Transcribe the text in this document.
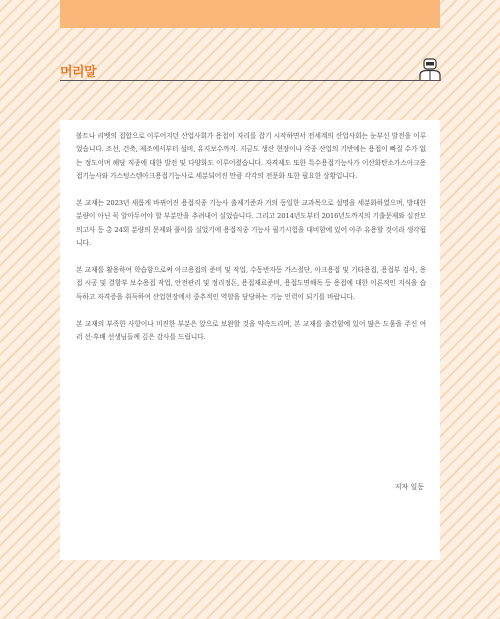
머리말

볼트나 리벳의 접합으로 이루어지던 산업사회가 용접이 자리를 잡기 시작하면서 전세계의 산업사회는 눈부신 발전을 이루었습니다. 조선, 건축, 제조에서부터 설비, 유지보수까지. 지금도 생산 현장이나 각종 산업의 기반에는 용접이 빠질 수가 없는 정도이며 해당 직종에 대한 발전 및 다양화도 이루어졌습니다. 자격제도 또한 특수용접기능사가 이산화탄소가스아크용접기능사와 가스텅스텐아크용접기능사로 세분되어진 만큼 각각의 전문화 또한 필요한 상황입니다.

본 교재는 2023년 새롭게 바뀌어진 용접직종 기능사 출제기준과 거의 동일한 교과목으로 설명을 세분화하였으며, 방대한 분량이 아닌 꼭 알아두어야 할 부분만을 추려내어 실었습니다. 그리고 2014년도부터 2016년도까지의 기출문제와 실전모의고사 등 총 24회 분량의 문제와 풀이를 실었기에 용접직종 기능사 필기시험을 대비함에 있어 아주 유용할 것이라 생각됩니다.

본 교재를 활용하여 학습함으로써 아크용접의 준비 및 작업, 수동반자동 가스절단, 아크용접 및 기타용접, 용접부 검사, 용접 시공 및 결함부 보수용접 작업, 안전관리 및 정리정돈, 용접재료준비, 용접도면해독 등 용접에 대한 이론적인 지식을 습득하고 자격증을 취득하여 산업현장에서 중추적인 역할을 담당하는 기능 인력이 되기를 바랍니다.

본 교재의 부족한 사항이나 미진한 부분은 앞으로 보완할 것을 약속드리며, 본 교재를 출간함에 있어 많은 도움을 주신 여러 선·후배 선생님들께 깊은 감사를 드립니다.

저자 일동
